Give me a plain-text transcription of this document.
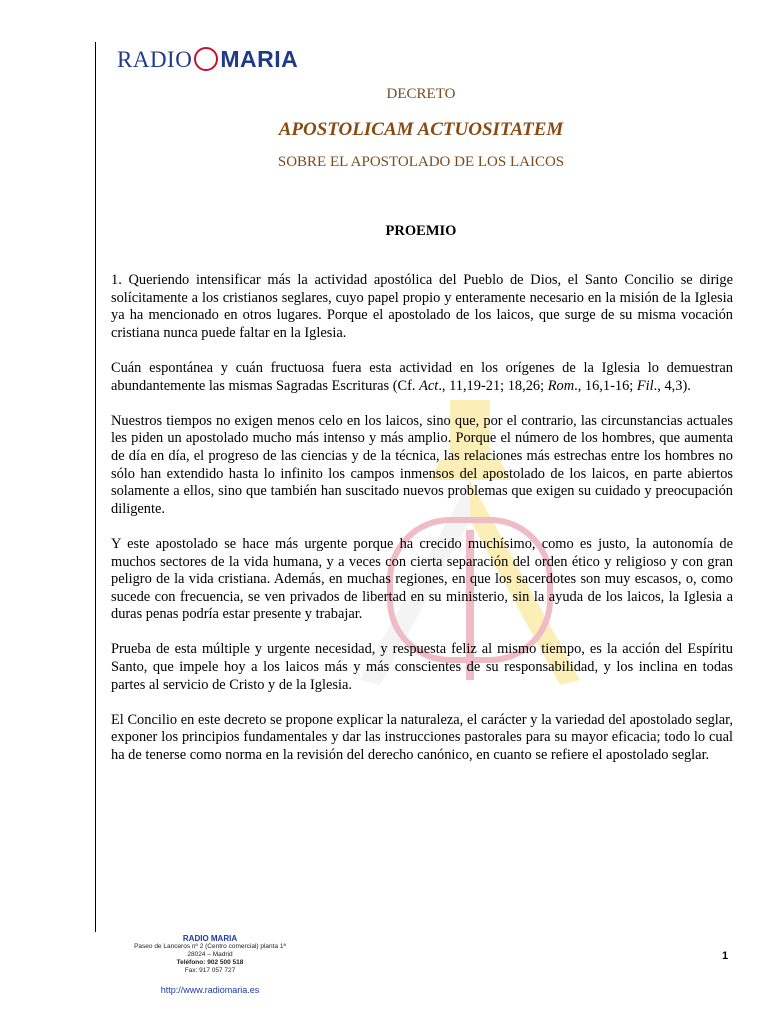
RADIO MARIA
DECRETO
APOSTOLICAM ACTUOSITATEM
SOBRE EL APOSTOLADO DE LOS LAICOS
PROEMIO

1. Queriendo intensificar más la actividad apostólica del Pueblo de Dios, el Santo Concilio se dirige solícitamente a los cristianos seglares, cuyo papel propio y enteramente necesario en la misión de la Iglesia ya ha mencionado en otros lugares. Porque el apostolado de los laicos, que surge de su misma vocación cristiana nunca puede faltar en la Iglesia.

Cuán espontánea y cuán fructuosa fuera esta actividad en los orígenes de la Iglesia lo demuestran abundantemente las mismas Sagradas Escrituras (Cf. Act., 11,19-21; 18,26; Rom., 16,1-16; Fil., 4,3).

Nuestros tiempos no exigen menos celo en los laicos, sino que, por el contrario, las circunstancias actuales les piden un apostolado mucho más intenso y más amplio. Porque el número de los hombres, que aumenta de día en día, el progreso de las ciencias y de la técnica, las relaciones más estrechas entre los hombres no sólo han extendido hasta lo infinito los campos inmensos del apostolado de los laicos, en parte abiertos solamente a ellos, sino que también han suscitado nuevos problemas que exigen su cuidado y preocupación diligente.

Y este apostolado se hace más urgente porque ha crecido muchísimo, como es justo, la autonomía de muchos sectores de la vida humana, y a veces con cierta separación del orden ético y religioso y con gran peligro de la vida cristiana. Además, en muchas regiones, en que los sacerdotes son muy escasos, o, como sucede con frecuencia, se ven privados de libertad en su ministerio, sin la ayuda de los laicos, la Iglesia a duras penas podría estar presente y trabajar.

Prueba de esta múltiple y urgente necesidad, y respuesta feliz al mismo tiempo, es la acción del Espíritu Santo, que impele hoy a los laicos más y más conscientes de su responsabilidad, y los inclina en todas partes al servicio de Cristo y de la Iglesia.

El Concilio en este decreto se propone explicar la naturaleza, el carácter y la variedad del apostolado seglar, exponer los principios fundamentales y dar las instrucciones pastorales para su mayor eficacia; todo lo cual ha de tenerse como norma en la revisión del derecho canónico, en cuanto se refiere el apostolado seglar.

RADIO MARIA
Paseo de Lanceros nº 2 (Centro comercial) planta 1ª
28024 – Madrid
Teléfono: 902 500 518
Fax: 917 057 727
http://www.radiomaria.es
1
